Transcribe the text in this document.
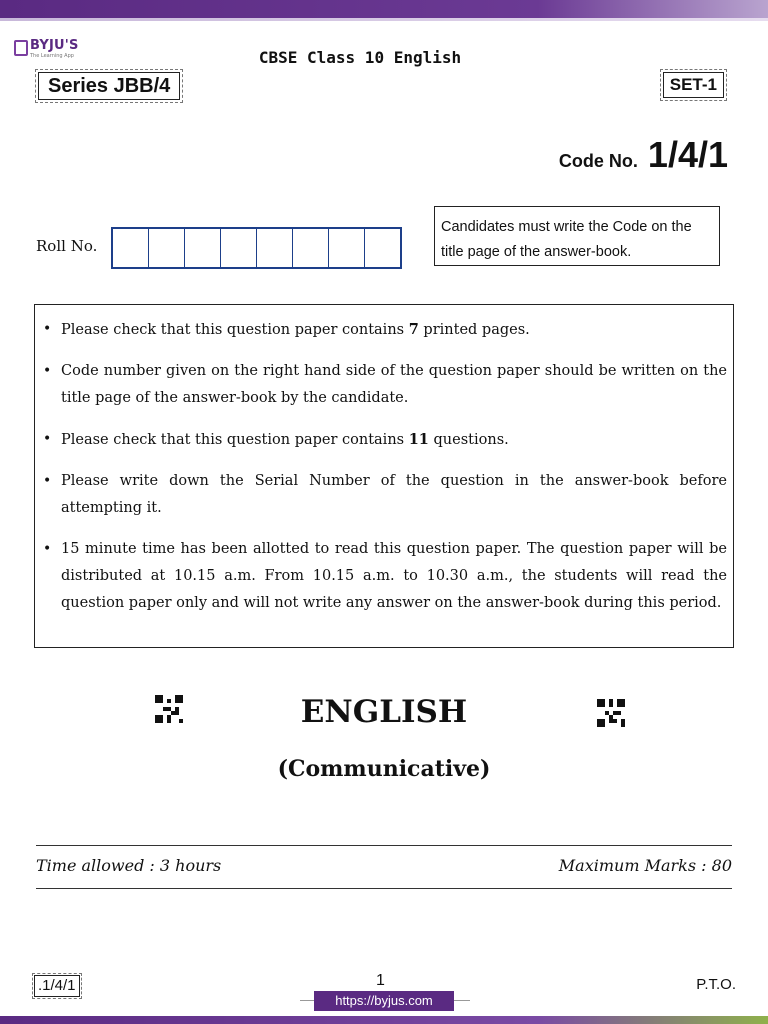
BYJU'S
The Learning App	CBSE Class 10 English
Series JBB/4	SET-1
Code No. 1/4/1
Roll No.
Candidates must write the Code on the title page of the answer-book.
• Please check that this question paper contains 7 printed pages.
• Code number given on the right hand side of the question paper should be written on the title page of the answer-book by the candidate.
• Please check that this question paper contains 11 questions.
• Please write down the Serial Number of the question in the answer-book before attempting it.
• 15 minute time has been allotted to read this question paper. The question paper will be distributed at 10.15 a.m. From 10.15 a.m. to 10.30 a.m., the students will read the question paper only and will not write any answer on the answer-book during this period.
ENGLISH
(Communicative)
Time allowed : 3 hours	Maximum Marks : 80
.1/4/1	1	P.T.O.
https://byjus.com
